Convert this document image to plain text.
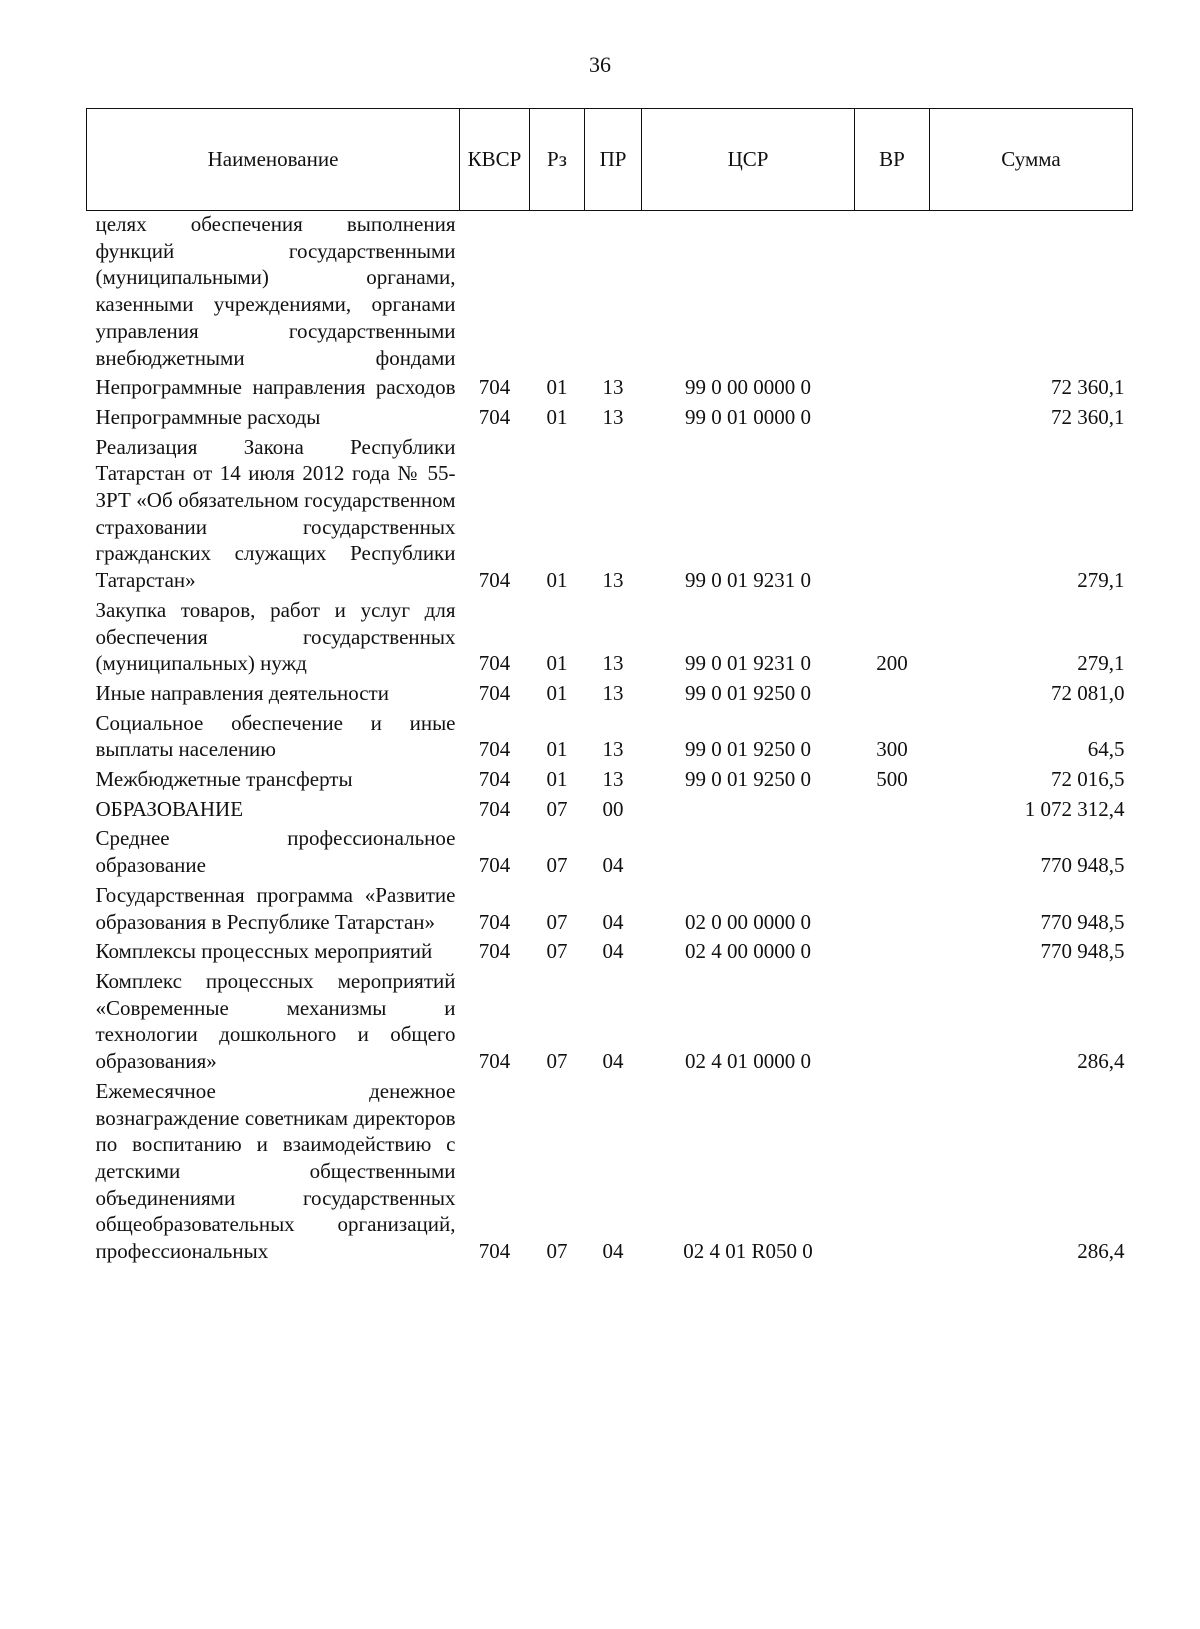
36
Наименование	КВСР	Рз	ПР	ЦСР	ВР	Сумма
целях обеспечения выполнения функций государственными (муниципальными) органами, казенными учреждениями, органами управления государственными внебюджетными фондами						
Непрограммные направления расходов	704	01	13	99 0 00 0000 0		72 360,1
Непрограммные расходы	704	01	13	99 0 01 0000 0		72 360,1
Реализация Закона Республики Татарстан от 14 июля 2012 года № 55-ЗРТ «Об обязательном государственном страховании государственных гражданских служащих Республики Татарстан»	704	01	13	99 0 01 9231 0		279,1
Закупка товаров, работ и услуг для обеспечения государственных (муниципальных) нужд	704	01	13	99 0 01 9231 0	200	279,1
Иные направления деятельности	704	01	13	99 0 01 9250 0		72 081,0
Социальное обеспечение и иные выплаты населению	704	01	13	99 0 01 9250 0	300	64,5
Межбюджетные трансферты	704	01	13	99 0 01 9250 0	500	72 016,5
ОБРАЗОВАНИЕ	704	07	00			1 072 312,4
Среднее профессиональное образование	704	07	04			770 948,5
Государственная программа «Развитие образования в Республике Татарстан»	704	07	04	02 0 00 0000 0		770 948,5
Комплексы процессных мероприятий	704	07	04	02 4 00 0000 0		770 948,5
Комплекс процессных мероприятий «Современные механизмы и технологии дошкольного и общего образования»	704	07	04	02 4 01 0000 0		286,4
Ежемесячное денежное вознаграждение советникам директоров по воспитанию и взаимодействию с детскими общественными объединениями государственных общеобразовательных организаций, профессиональных	704	07	04	02 4 01 R050 0		286,4
